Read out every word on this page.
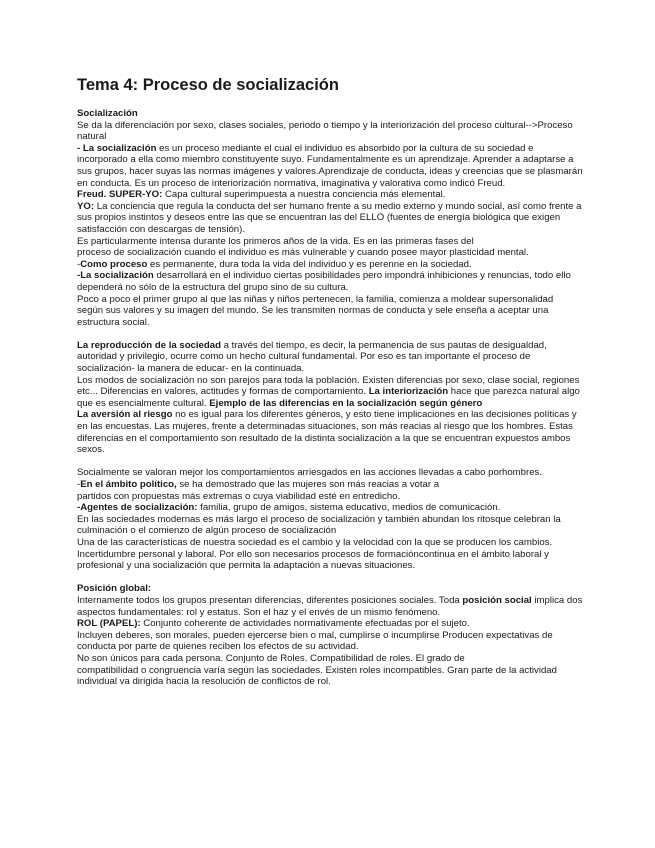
Tema 4: Proceso de socialización
Socialización
Se da la diferenciación por sexo, clases sociales, periodo o tiempo y la interiorización del proceso cultural-->Proceso
natural
- La socialización es un proceso mediante el cual el individuo es absorbido por la cultura de su sociedad e
incorporado a ella como miembro constituyente suyo. Fundamentalmente es un aprendizaje. Aprender a adaptarse a
sus grupos, hacer suyas las normas imágenes y valores.Aprendizaje de conducta, ideas y creencias que se plasmarán
en conducta. Es un proceso de interiorización normativa, imaginativa y valorativa como indicó Freud.
Freud. SUPER-YO: Capa cultural superimpuesta a nuestra conciencia más elemental.
YO: La conciencia que regula la conducta del ser humano frente a su medio externo y mundo social, así como frente a
sus propios instintos y deseos entre las que se encuentran las del ELLO (fuentes de energía biológica que exigen
satisfacción con descargas de tensión).
Es particularmente intensa durante los primeros años de la vida. Es en las primeras fases del
proceso de socialización cuando el individuo es más vulnerable y cuando posee mayor plasticidad mental.
-Como proceso es permanente, dura toda la vida del individuo y es perenne en la sociedad.
-La socialización desarrollará en el individuo ciertas posibilidades pero impondrá inhibiciones y renuncias, todo ello
dependerá no sólo de la estructura del grupo sino de su cultura.
Poco a poco el primer grupo al que las niñas y niños pertenecen, la familia, comienza a moldear supersonalidad
según sus valores y su imagen del mundo. Se les transmiten normas de conducta y sele enseña a aceptar una
estructura social.
La reproducción de la sociedad a través del tiempo, es decir, la permanencia de sus pautas de desigualdad,
autoridad y privilegio, ocurre como un hecho cultural fundamental. Por eso es tan importante el proceso de
socialización- la manera de educar- en la continuada.
Los modos de socialización no son parejos para toda la población. Existen diferencias por sexo, clase social, regiones
etc... Diferencias en valores, actitudes y formas de comportamiento. La interiorización hace que parezca natural algo
que es esencialmente cultural. Ejemplo de las diferencias en la socialización según género
La aversión al riesgo no es igual para los diferentes géneros, y esto tiene implicaciones en las decisiones políticas y
en las encuestas. Las mujeres, frente a determinadas situaciones, son más reacias al riesgo que los hombres. Estas
diferencias en el comportamiento son resultado de la distinta socialización a la que se encuentran expuestos ambos
sexos.
Socialmente se valoran mejor los comportamientos arriesgados en las acciones llevadas a cabo porhombres.
-En el ámbito político, se ha demostrado que las mujeres son más reacias a votar a
partidos con propuestas más extremas o cuya viabilidad esté en entredicho.
-Agentes de socialización: familia, grupo de amigos, sistema educativo, medios de comunicación.
En las sociedades modernas es más largo el proceso de socialización y también abundan los ritosque celebran la
culminación o el comienzo de algún proceso de socialización
Una de las características de nuestra sociedad es el cambio y la velocidad con la que se producen los cambios.
Incertidumbre personal y laboral. Por ello son necesarios procesos de formacióncontinua en el ámbito laboral y
profesional y una socialización que permita la adaptación a nuevas situaciones.
Posición global:
Internamente todos los grupos presentan diferencias, diferentes posiciones sociales. Toda posición social implica dos
aspectos fundamentales: rol y estatus. Son el haz y el envés de un mismo fenómeno.
ROL (PAPEL): Conjunto coherente de actividades normativamente efectuadas por el sujeto.
Incluyen deberes, son morales, pueden ejercerse bien o mal, cumplirse o incumplirse Producen expectativas de
conducta por parte de quienes reciben los efectos de su actividad.
No son únicos para cada persona. Conjunto de Roles. Compatibilidad de roles. El grado de
compatibilidad o congruencia varía según las sociedades. Existen roles incompatibles. Gran parte de la actividad
individual va dirigida hacia la resolución de conflictos de rol.
